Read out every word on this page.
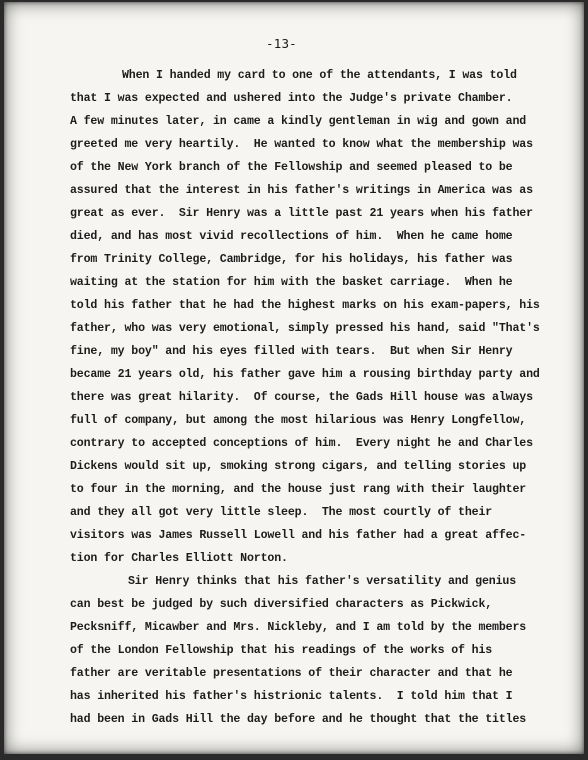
-13-
When I handed my card to one of the attendants, I was told
that I was expected and ushered into the Judge's private Chamber.
A few minutes later, in came a kindly gentleman in wig and gown and
greeted me very heartily.  He wanted to know what the membership was
of the New York branch of the Fellowship and seemed pleased to be
assured that the interest in his father's writings in America was as
great as ever.  Sir Henry was a little past 21 years when his father
died, and has most vivid recollections of him.  When he came home
from Trinity College, Cambridge, for his holidays, his father was
waiting at the station for him with the basket carriage.  When he
told his father that he had the highest marks on his exam-papers, his
father, who was very emotional, simply pressed his hand, said "That's
fine, my boy" and his eyes filled with tears.  But when Sir Henry
became 21 years old, his father gave him a rousing birthday party and
there was great hilarity.  Of course, the Gads Hill house was always
full of company, but among the most hilarious was Henry Longfellow,
contrary to accepted conceptions of him.  Every night he and Charles
Dickens would sit up, smoking strong cigars, and telling stories up
to four in the morning, and the house just rang with their laughter
and they all got very little sleep.  The most courtly of their
visitors was James Russell Lowell and his father had a great affec-
tion for Charles Elliott Norton.
Sir Henry thinks that his father's versatility and genius
can best be judged by such diversified characters as Pickwick,
Pecksniff, Micawber and Mrs. Nickleby, and I am told by the members
of the London Fellowship that his readings of the works of his
father are veritable presentations of their character and that he
has inherited his father's histrionic talents.  I told him that I
had been in Gads Hill the day before and he thought that the titles
